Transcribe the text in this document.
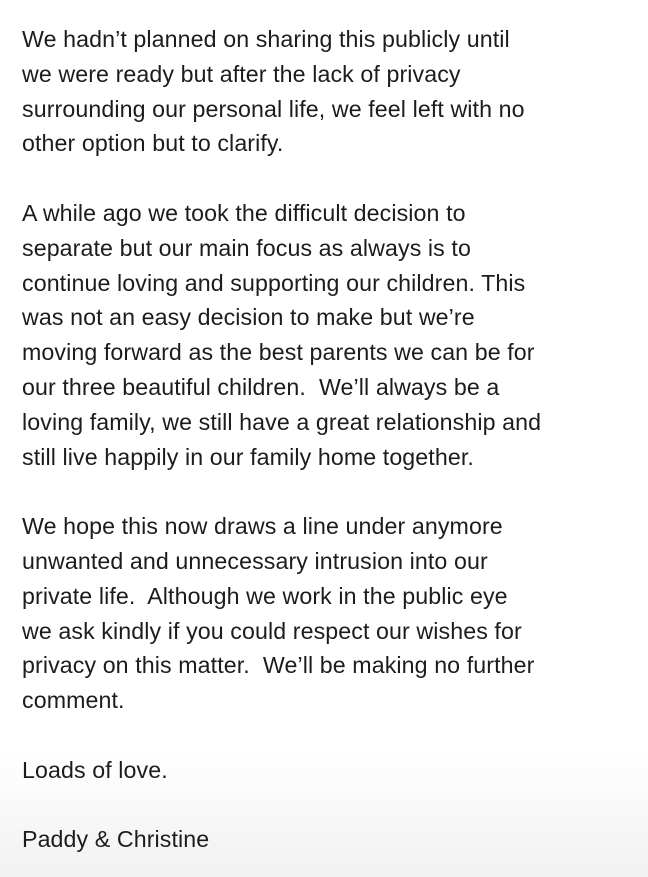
We hadn’t planned on sharing this publicly until
we were ready but after the lack of privacy
surrounding our personal life, we feel left with no
other option but to clarify.
A while ago we took the difficult decision to
separate but our main focus as always is to
continue loving and supporting our children. This
was not an easy decision to make but we’re
moving forward as the best parents we can be for
our three beautiful children.  We’ll always be a
loving family, we still have a great relationship and
still live happily in our family home together.
We hope this now draws a line under anymore
unwanted and unnecessary intrusion into our
private life.  Although we work in the public eye
we ask kindly if you could respect our wishes for
privacy on this matter.  We’ll be making no further
comment.
Loads of love.
Paddy & Christine
